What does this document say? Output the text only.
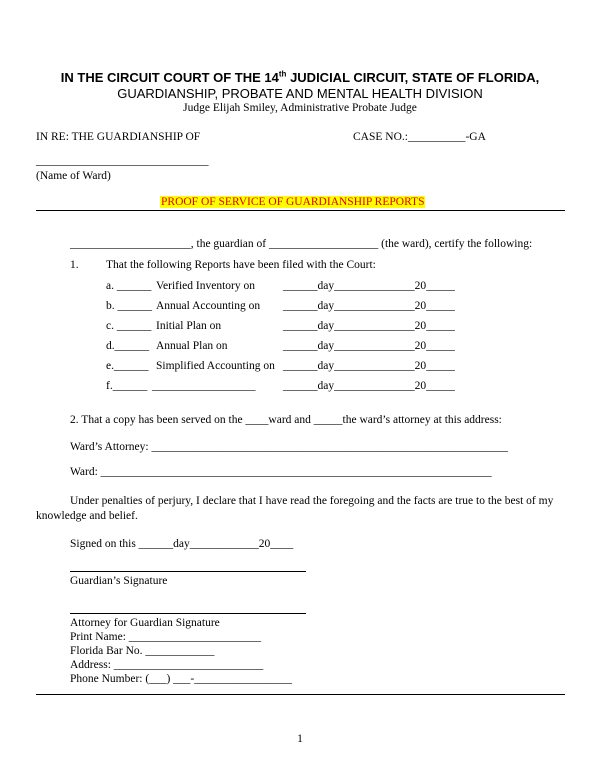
IN THE CIRCUIT COURT OF THE 14th JUDICIAL CIRCUIT, STATE OF FLORIDA,
GUARDIANSHIP, PROBATE AND MENTAL HEALTH DIVISION
Judge Elijah Smiley, Administrative Probate Judge
IN RE: THE GUARDIANSHIP OF	CASE NO.:__________-GA
______________________________
(Name of Ward)
PROOF OF SERVICE OF GUARDIANSHIP REPORTS
_____________________, the guardian of ___________________ (the ward), certify the following:
1. That the following Reports have been filed with the Court:
a. ______ Verified Inventory on ______day______________20_____
b. ______ Annual Accounting on ______day______________20_____
c. ______ Initial Plan on	______day______________20_____
d.______ Annual Plan on	______day______________20_____
e.______ Simplified Accounting on ______day______________20_____
f.______ __________________ ______day______________20_____
2. That a copy has been served on the ____ward and _____the ward’s attorney at this address:
Ward’s Attorney: ______________________________________________________________
Ward: ____________________________________________________________________
Under penalties of perjury, I declare that I have read the foregoing and the facts are true to the best of my
knowledge and belief.
Signed on this ______day____________20____
Guardian’s Signature
Attorney for Guardian Signature
Print Name: _______________________
Florida Bar No. ____________
Address: __________________________
Phone Number: (___) ___-_________________
1
